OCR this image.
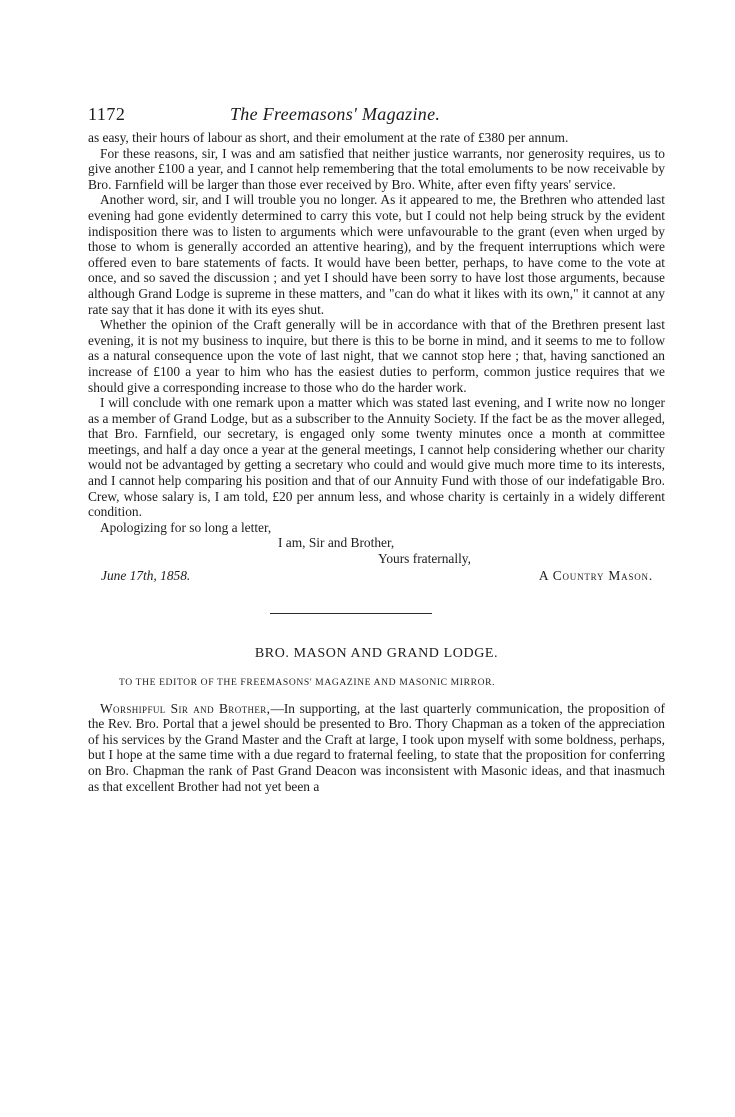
1172	The Freemasons' Magazine.

as easy, their hours of labour as short, and their emolument at the rate of £380 per annum.

For these reasons, sir, I was and am satisfied that neither justice warrants, nor generosity requires, us to give another £100 a year, and I cannot help remembering that the total emoluments to be now receivable by Bro. Farnfield will be larger than those ever received by Bro. White, after even fifty years' service.

Another word, sir, and I will trouble you no longer. As it appeared to me, the Brethren who attended last evening had gone evidently determined to carry this vote, but I could not help being struck by the evident indisposition there was to listen to arguments which were unfavourable to the grant (even when urged by those to whom is generally accorded an attentive hearing), and by the frequent interruptions which were offered even to bare statements of facts. It would have been better, perhaps, to have come to the vote at once, and so saved the discussion ; and yet I should have been sorry to have lost those arguments, because although Grand Lodge is supreme in these matters, and "can do what it likes with its own," it cannot at any rate say that it has done it with its eyes shut.

Whether the opinion of the Craft generally will be in accordance with that of the Brethren present last evening, it is not my business to inquire, but there is this to be borne in mind, and it seems to me to follow as a natural consequence upon the vote of last night, that we cannot stop here ; that, having sanctioned an increase of £100 a year to him who has the easiest duties to perform, common justice requires that we should give a corresponding increase to those who do the harder work.

I will conclude with one remark upon a matter which was stated last evening, and I write now no longer as a member of Grand Lodge, but as a subscriber to the Annuity Society. If the fact be as the mover alleged, that Bro. Farnfield, our secretary, is engaged only some twenty minutes once a month at committee meetings, and half a day once a year at the general meetings, I cannot help considering whether our charity would not be advantaged by getting a secretary who could and would give much more time to its interests, and I cannot help comparing his position and that of our Annuity Fund with those of our indefatigable Bro. Crew, whose salary is, I am told, £20 per annum less, and whose charity is certainly in a widely different condition.

Apologizing for so long a letter,
I am, Sir and Brother,
Yours fraternally,
June 17th, 1858.	A Country Mason.
BRO. MASON AND GRAND LODGE.
TO THE EDITOR OF THE FREEMASONS' MAGAZINE AND MASONIC MIRROR.

Worshipful Sir and Brother,—In supporting, at the last quarterly communication, the proposition of the Rev. Bro. Portal that a jewel should be presented to Bro. Thory Chapman as a token of the appreciation of his services by the Grand Master and the Craft at large, I took upon myself with some boldness, perhaps, but I hope at the same time with a due regard to fraternal feeling, to state that the proposition for conferring on Bro. Chapman the rank of Past Grand Deacon was inconsistent with Masonic ideas, and that inasmuch as that excellent Brother had not yet been a
